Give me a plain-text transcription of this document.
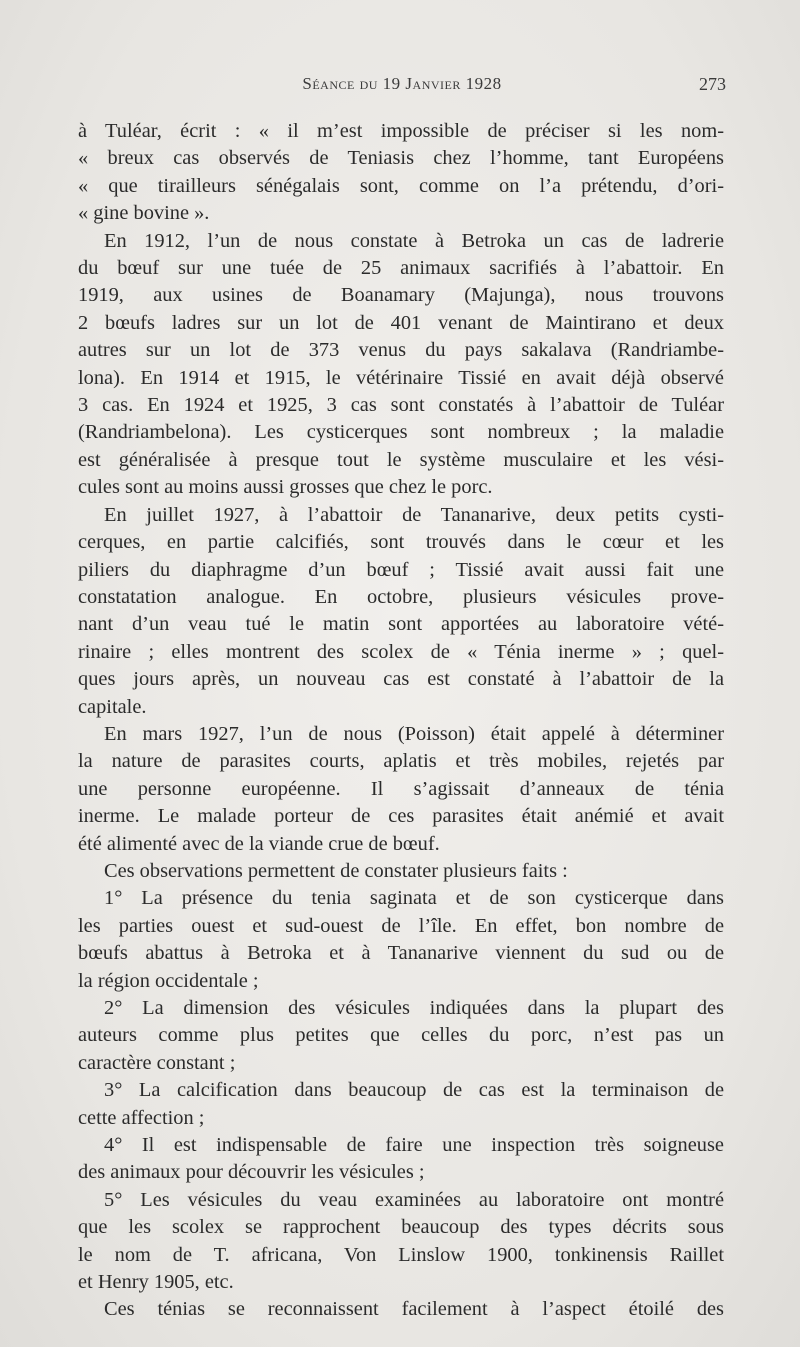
Séance du 19 Janvier 1928	273
à Tuléar, écrit : « il m’est impossible de préciser si les nom-
« breux cas observés de Teniasis chez l’homme, tant Européens
« que tirailleurs sénégalais sont, comme on l’a prétendu, d’ori-
« gine bovine ».
En 1912, l’un de nous constate à Betroka un cas de ladrerie
du bœuf sur une tuée de 25 animaux sacrifiés à l’abattoir. En
1919, aux usines de Boanamary (Majunga), nous trouvons
2 bœufs ladres sur un lot de 401 venant de Maintirano et deux
autres sur un lot de 373 venus du pays sakalava (Randriambe-
lona). En 1914 et 1915, le vétérinaire Tissié en avait déjà observé
3 cas. En 1924 et 1925, 3 cas sont constatés à l’abattoir de Tuléar
(Randriambelona). Les cysticerques sont nombreux ; la maladie
est généralisée à presque tout le système musculaire et les vési-
cules sont au moins aussi grosses que chez le porc.
En juillet 1927, à l’abattoir de Tananarive, deux petits cysti-
cerques, en partie calcifiés, sont trouvés dans le cœur et les
piliers du diaphragme d’un bœuf ; Tissié avait aussi fait une
constatation analogue. En octobre, plusieurs vésicules prove-
nant d’un veau tué le matin sont apportées au laboratoire vété-
rinaire ; elles montrent des scolex de « Ténia inerme » ; quel-
ques jours après, un nouveau cas est constaté à l’abattoir de la
capitale.
En mars 1927, l’un de nous (Poisson) était appelé à déterminer
la nature de parasites courts, aplatis et très mobiles, rejetés par
une personne européenne. Il s’agissait d’anneaux de ténia
inerme. Le malade porteur de ces parasites était anémié et avait
été alimenté avec de la viande crue de bœuf.
Ces observations permettent de constater plusieurs faits :
1° La présence du tenia saginata et de son cysticerque dans
les parties ouest et sud-ouest de l’île. En effet, bon nombre de
bœufs abattus à Betroka et à Tananarive viennent du sud ou de
la région occidentale ;
2° La dimension des vésicules indiquées dans la plupart des
auteurs comme plus petites que celles du porc, n’est pas un
caractère constant ;
3° La calcification dans beaucoup de cas est la terminaison de
cette affection ;
4° Il est indispensable de faire une inspection très soigneuse
des animaux pour découvrir les vésicules ;
5° Les vésicules du veau examinées au laboratoire ont montré
que les scolex se rapprochent beaucoup des types décrits sous
le nom de T. africana, Von Linslow 1900, tonkinensis Raillet
et Henry 1905, etc.
Ces ténias se reconnaissent facilement à l’aspect étoilé des
